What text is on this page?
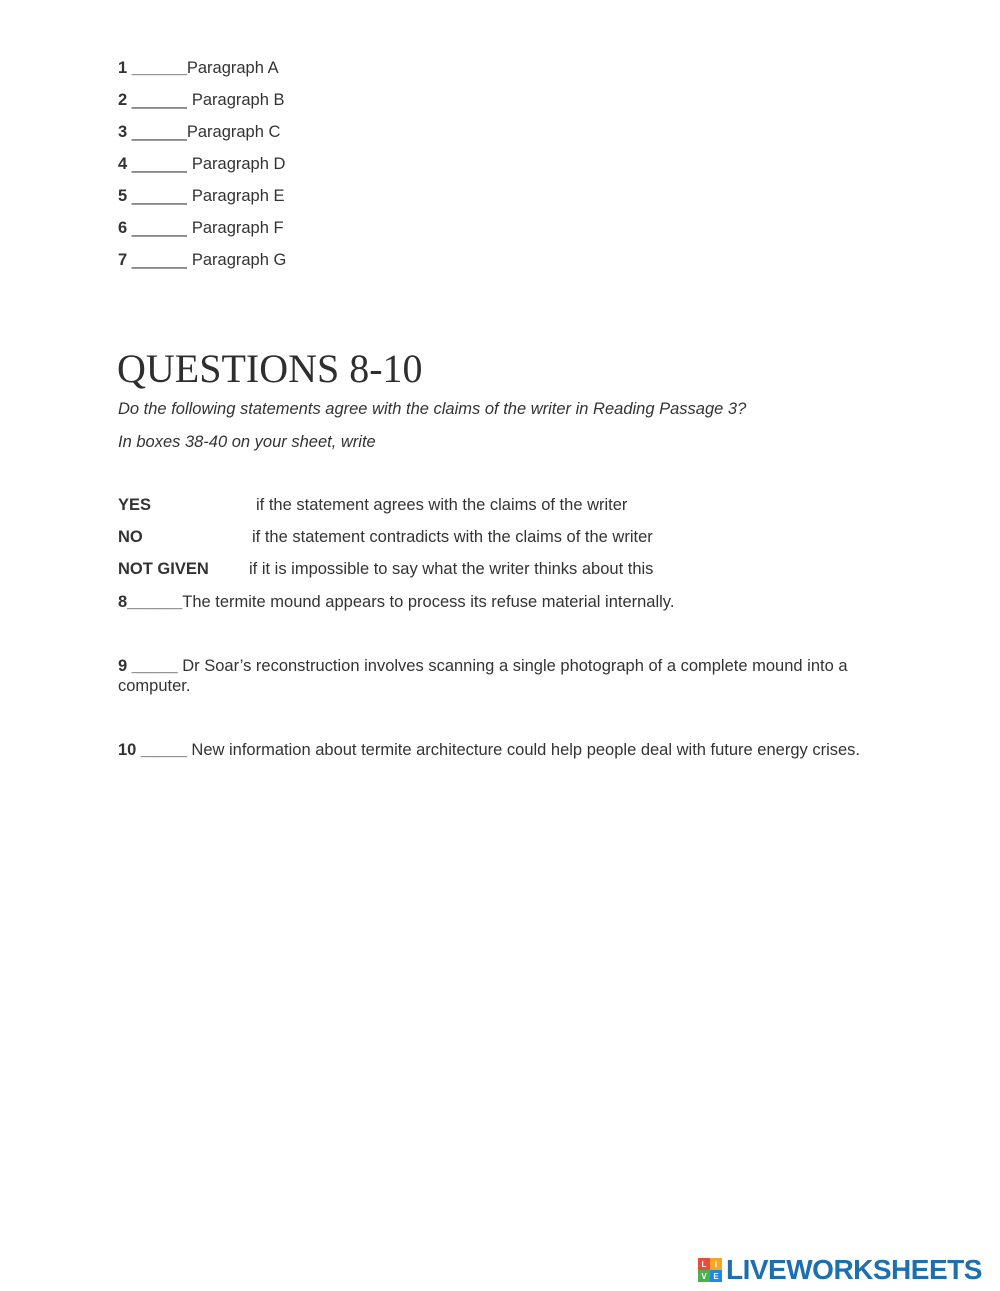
1 ______Paragraph A
2 ______ Paragraph B
3 ______Paragraph C
4 ______ Paragraph D
5 ______ Paragraph E
6 ______ Paragraph F
7 ______ Paragraph G
QUESTIONS 8-10

Do the following statements agree with the claims of the writer in Reading Passage 3?

In boxes 38-40 on your sheet, write

YES	if the statement agrees with the claims of the writer
NO	if the statement contradicts with the claims of the writer
NOT GIVEN if it is impossible to say what the writer thinks about this

8______The termite mound appears to process its refuse material internally.

9 _____ Dr Soar’s reconstruction involves scanning a single photograph of a complete mound into a computer.

10 _____ New information about termite architecture could help people deal with future energy crises.

L	I
V E LIVEWORKSHEETS
